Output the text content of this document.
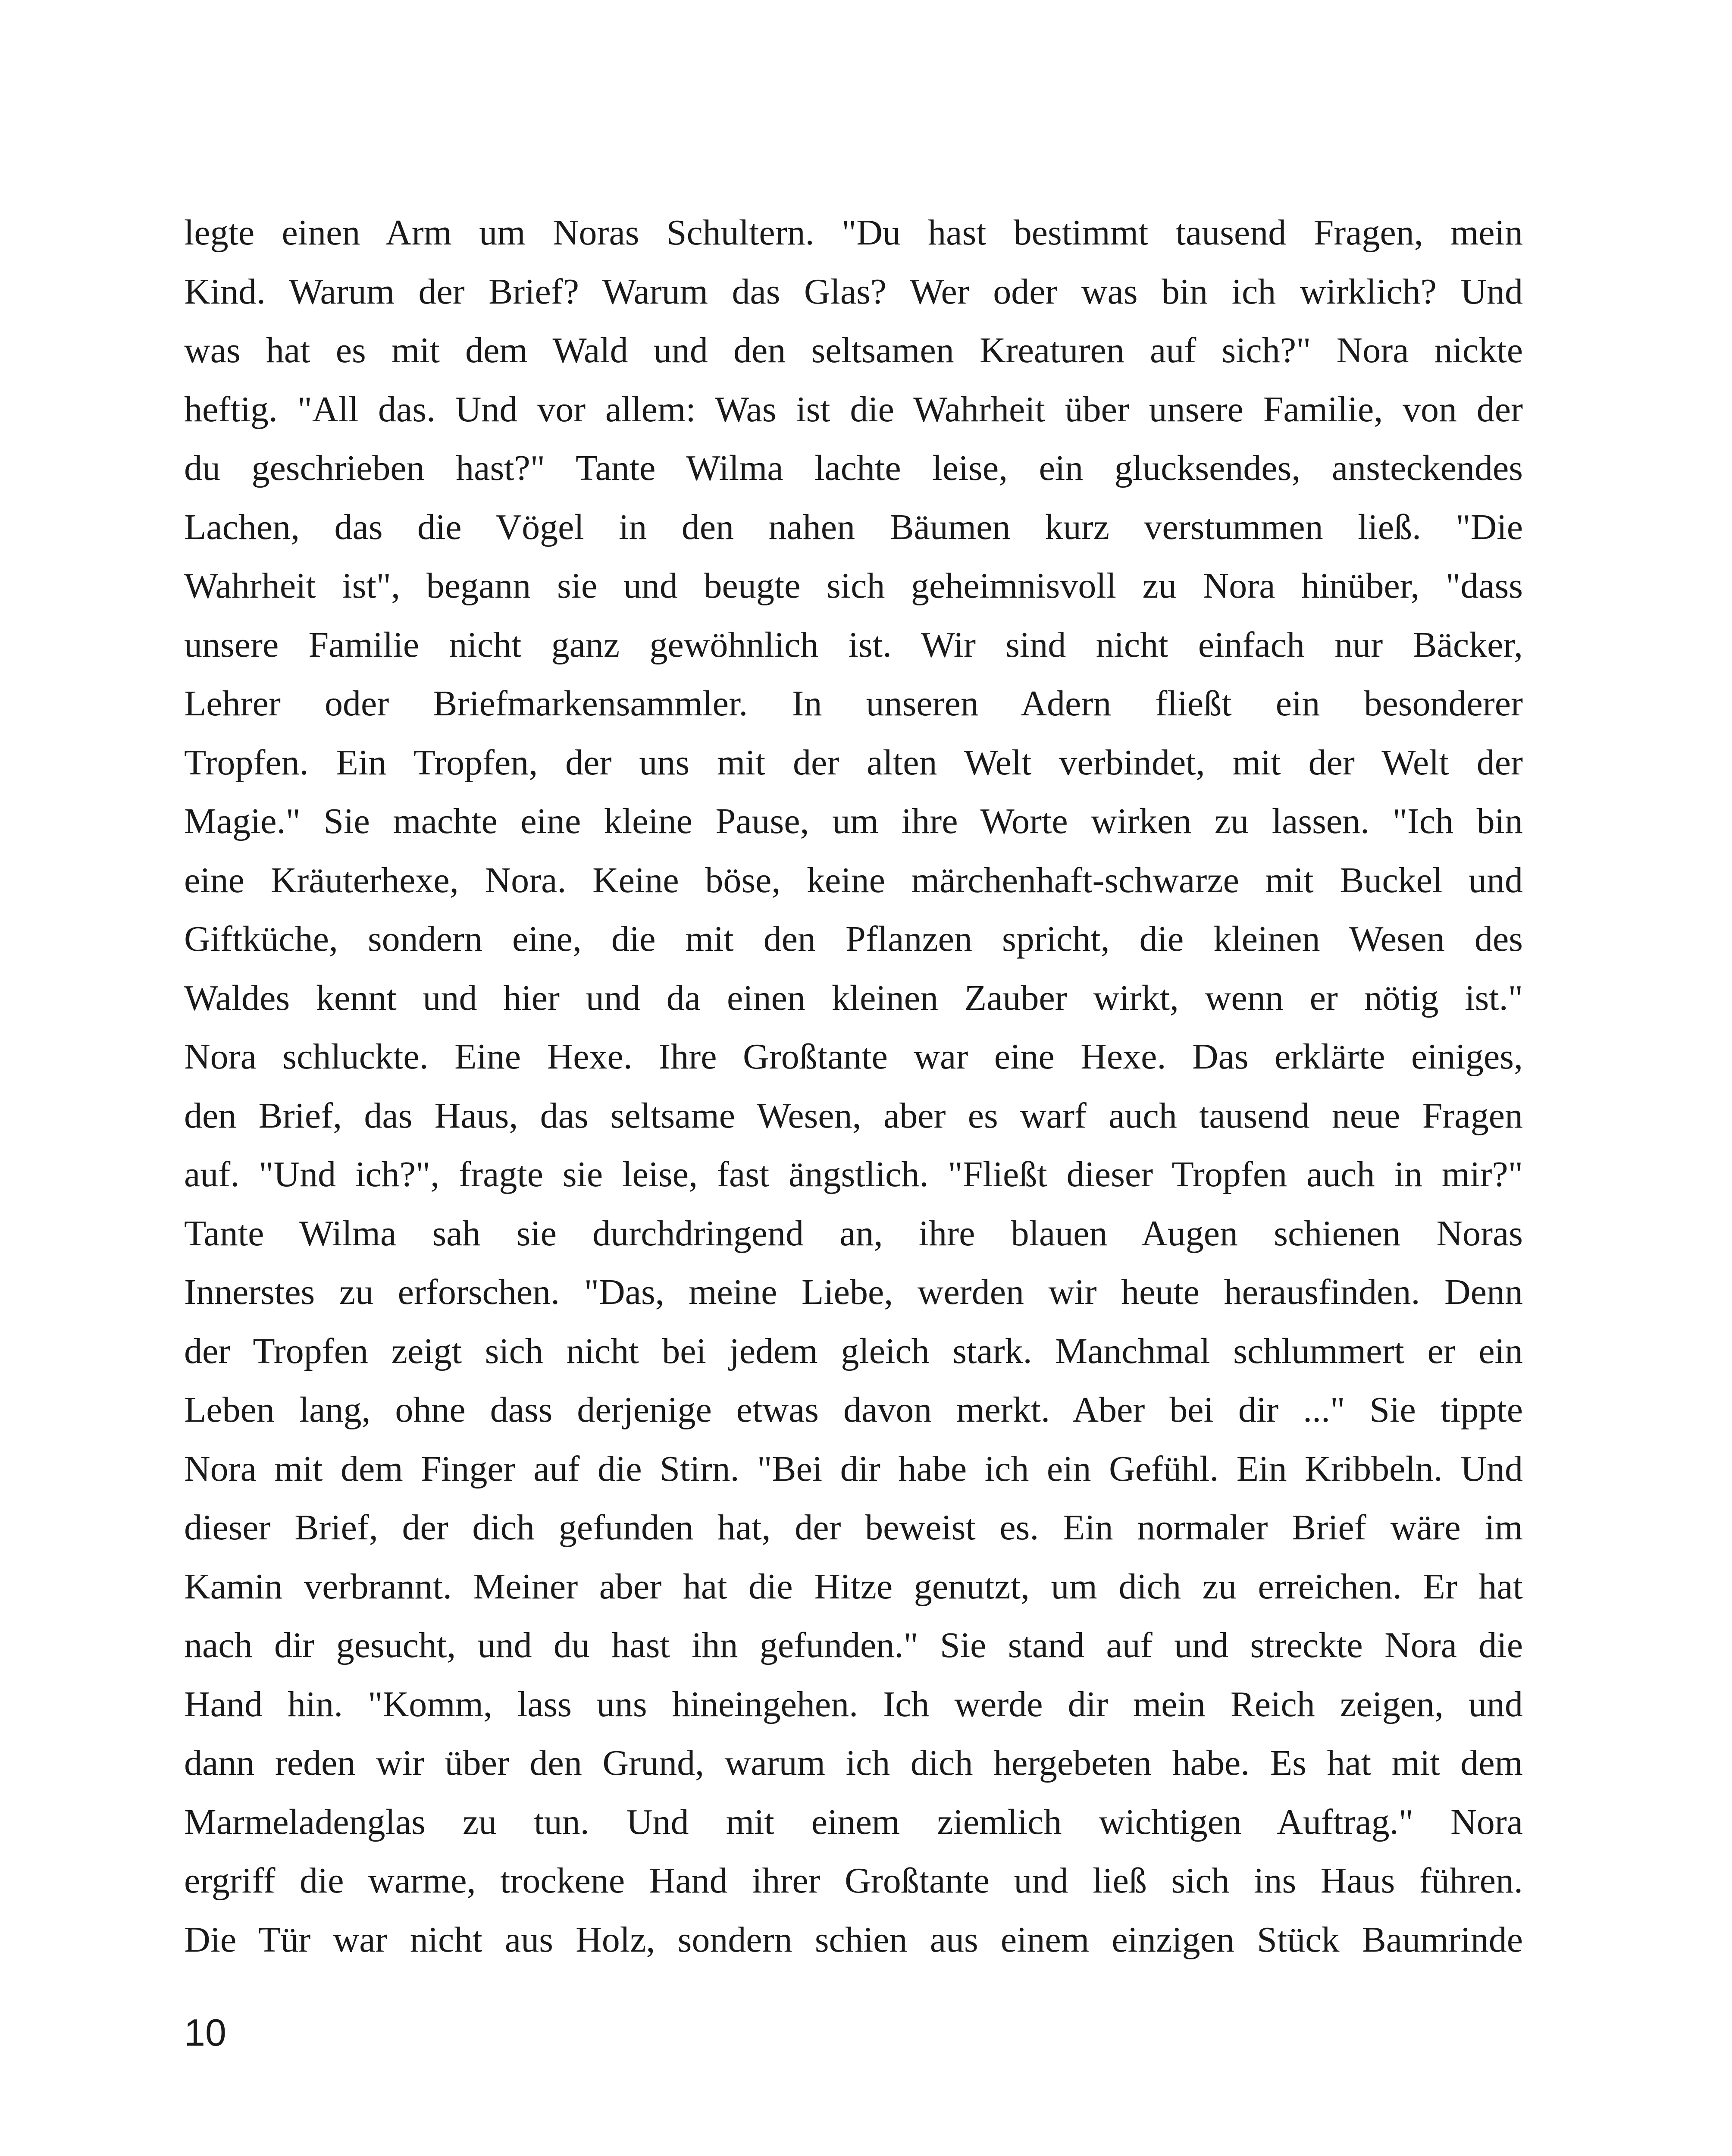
legte einen Arm um Noras Schultern. "Du hast bestimmt tausend Fragen, mein
Kind. Warum der Brief? Warum das Glas? Wer oder was bin ich wirklich? Und
was hat es mit dem Wald und den seltsamen Kreaturen auf sich?" Nora nickte
heftig. "All das. Und vor allem: Was ist die Wahrheit über unsere Familie, von der
du geschrieben hast?" Tante Wilma lachte leise, ein glucksendes, ansteckendes
Lachen, das die Vögel in den nahen Bäumen kurz verstummen ließ. "Die
Wahrheit ist", begann sie und beugte sich geheimnisvoll zu Nora hinüber, "dass
unsere Familie nicht ganz gewöhnlich ist. Wir sind nicht einfach nur Bäcker,
Lehrer oder Briefmarkensammler. In unseren Adern fließt ein besonderer
Tropfen. Ein Tropfen, der uns mit der alten Welt verbindet, mit der Welt der
Magie." Sie machte eine kleine Pause, um ihre Worte wirken zu lassen. "Ich bin
eine Kräuterhexe, Nora. Keine böse, keine märchenhaft-schwarze mit Buckel und
Giftküche, sondern eine, die mit den Pflanzen spricht, die kleinen Wesen des
Waldes kennt und hier und da einen kleinen Zauber wirkt, wenn er nötig ist."
Nora schluckte. Eine Hexe. Ihre Großtante war eine Hexe. Das erklärte einiges,
den Brief, das Haus, das seltsame Wesen, aber es warf auch tausend neue Fragen
auf. "Und ich?", fragte sie leise, fast ängstlich. "Fließt dieser Tropfen auch in mir?"
Tante Wilma sah sie durchdringend an, ihre blauen Augen schienen Noras
Innerstes zu erforschen. "Das, meine Liebe, werden wir heute herausfinden. Denn
der Tropfen zeigt sich nicht bei jedem gleich stark. Manchmal schlummert er ein
Leben lang, ohne dass derjenige etwas davon merkt. Aber bei dir ..." Sie tippte
Nora mit dem Finger auf die Stirn. "Bei dir habe ich ein Gefühl. Ein Kribbeln. Und
dieser Brief, der dich gefunden hat, der beweist es. Ein normaler Brief wäre im
Kamin verbrannt. Meiner aber hat die Hitze genutzt, um dich zu erreichen. Er hat
nach dir gesucht, und du hast ihn gefunden." Sie stand auf und streckte Nora die
Hand hin. "Komm, lass uns hineingehen. Ich werde dir mein Reich zeigen, und
dann reden wir über den Grund, warum ich dich hergebeten habe. Es hat mit dem
Marmeladenglas zu tun. Und mit einem ziemlich wichtigen Auftrag." Nora
ergriff die warme, trockene Hand ihrer Großtante und ließ sich ins Haus führen.
Die Tür war nicht aus Holz, sondern schien aus einem einzigen Stück Baumrinde

10
